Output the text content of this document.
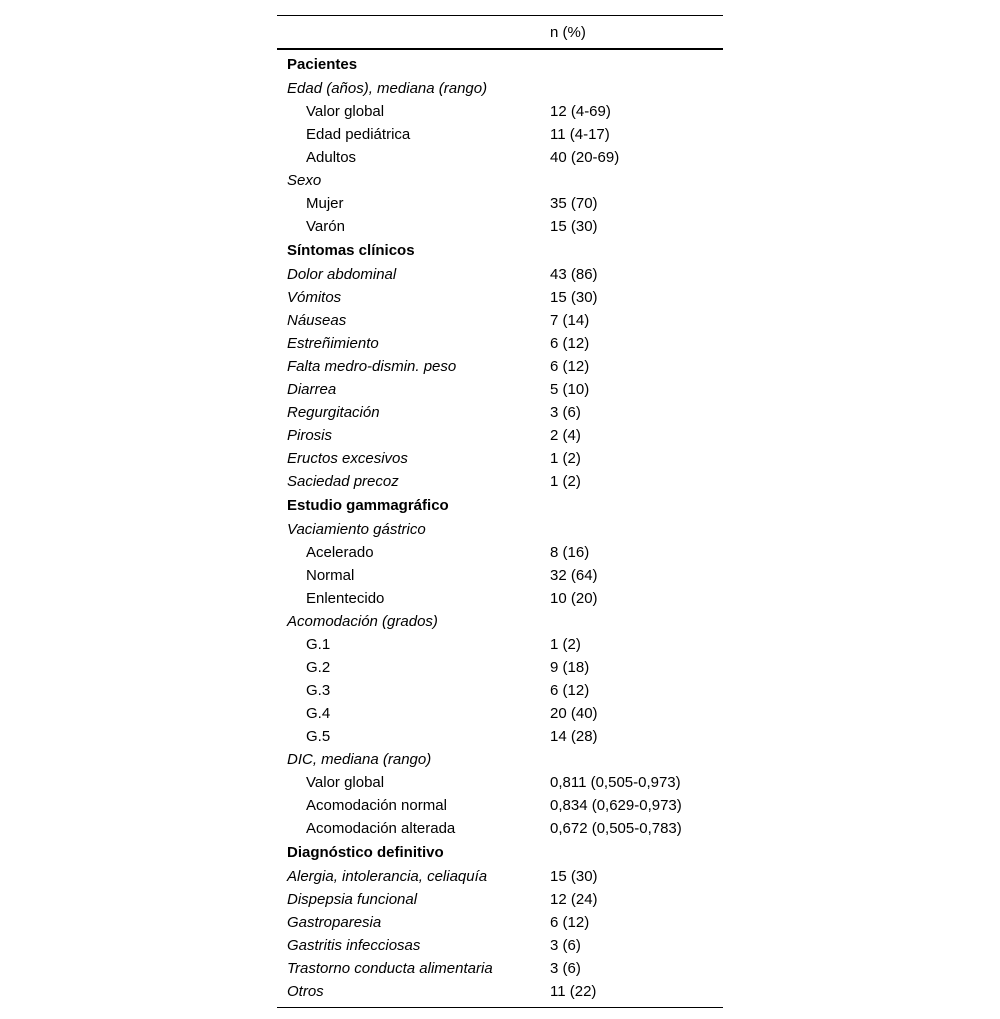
n (%)
Pacientes
Edad (años), mediana (rango)
Valor global	12 (4-69)
Edad pediátrica	11 (4-17)
Adultos	40 (20-69)
Sexo
Mujer	35 (70)
Varón	15 (30)
Síntomas clínicos
Dolor abdominal	43 (86)
Vómitos	15 (30)
Náuseas	7 (14)
Estreñimiento	6 (12)
Falta medro-dismin. peso	6 (12)
Diarrea	5 (10)
Regurgitación	3 (6)
Pirosis	2 (4)
Eructos excesivos	1 (2)
Saciedad precoz	1 (2)
Estudio gammagráfico
Vaciamiento gástrico
Acelerado	8 (16)
Normal	32 (64)
Enlentecido	10 (20)
Acomodación (grados)
G.1	1 (2)
G.2	9 (18)
G.3	6 (12)
G.4	20 (40)
G.5	14 (28)
DIC, mediana (rango)
Valor global	0,811 (0,505-0,973)
Acomodación normal	0,834 (0,629-0,973)
Acomodación alterada	0,672 (0,505-0,783)
Diagnóstico definitivo
Alergia, intolerancia, celiaquía	15 (30)
Dispepsia funcional	12 (24)
Gastroparesia	6 (12)
Gastritis infecciosas	3 (6)
Trastorno conducta alimentaria	3 (6)
Otros	11 (22)
